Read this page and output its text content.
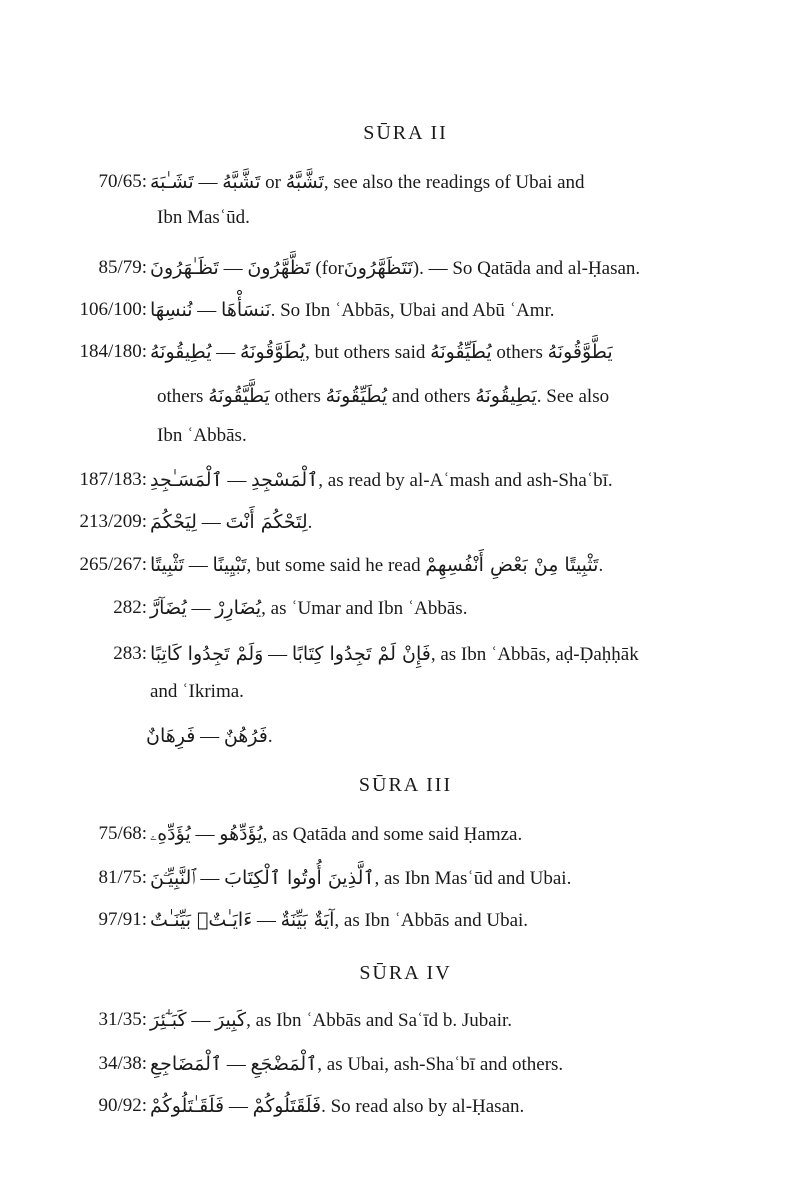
SŪRA II
70/65: تَشَـٰبَهَ — تَشَّبَّهُ or تَشَّبَّهُ, see also the readings of Ubai and
Ibn Masʿūd.
85/79: تَظَـٰهَرُونَ — تَظَّهَّرُونَ (forتَتَظَهَّرُونَ). — So Qatāda and al-Ḥasan.
106/100: نُنسِهَا — نَنسَأْهَا. So Ibn ʿAbbās, Ubai and Abū ʿAmr.
184/180: يُطِيقُونَهُ — يُطَوَّقُونَهُ, but others said يُطَيِّقُونَهُ others يَطَّوَّقُونَهُ
others يَطَّيَّقُونَهُ others يُطَيِّقُونَهُ and others يَطِيقُونَهُ. See also
Ibn ʿAbbās.
187/183: ٱلْمَسَـٰجِدِ — ٱلْمَسْجِدِ, as read by al-Aʿmash and ash-Shaʿbī.
213/209: لِيَحْكُمَ — لِتَحْكُمَ أَنْتَ.
265/267: تَثْبِيتًا — تَبْيِينًا, but some said he read تَثْبِيتًا مِنْ بَعْضِ أَنْفُسِهِمْ.
282: يُضَآرَّ — يُضَارِرْ, as ʿUmar and Ibn ʿAbbās.
283: وَلَمْ تَجِدُوا كَاتِبًا — فَإِنْ لَمْ تَجِدُوا كِتَابًا, as Ibn ʿAbbās, aḍ-Ḍaḥḥāk
and ʿIkrima.
فَرِهَانٌ — فَرُهُنٌ.
SŪRA III
75/68: يُؤَدِّهِۦ — يُؤَدِّهُو, as Qatāda and some said Ḥamza.
81/75: ٱلنَّبِيِّـۧنَ — ٱلَّذِينَ أُوتُوا ٱلْكِتَابَ, as Ibn Masʿūd and Ubai.
97/91: ءَايَـٰتٌۢ بَيِّنَـٰتٌ — آيَةٌ بَيِّنَةٌ, as Ibn ʿAbbās and Ubai.
SŪRA IV
31/35: كَبَـٰٓئِرَ — كَبِيرَ, as Ibn ʿAbbās and Saʿīd b. Jubair.
34/38: ٱلْمَضَاجِعِ — ٱلْمَضْجَعِ, as Ubai, ash-Shaʿbī and others.
90/92: فَلَقَـٰتَلُوكُمْ — فَلَقَتَلُوكُمْ. So read also by al-Ḥasan.
